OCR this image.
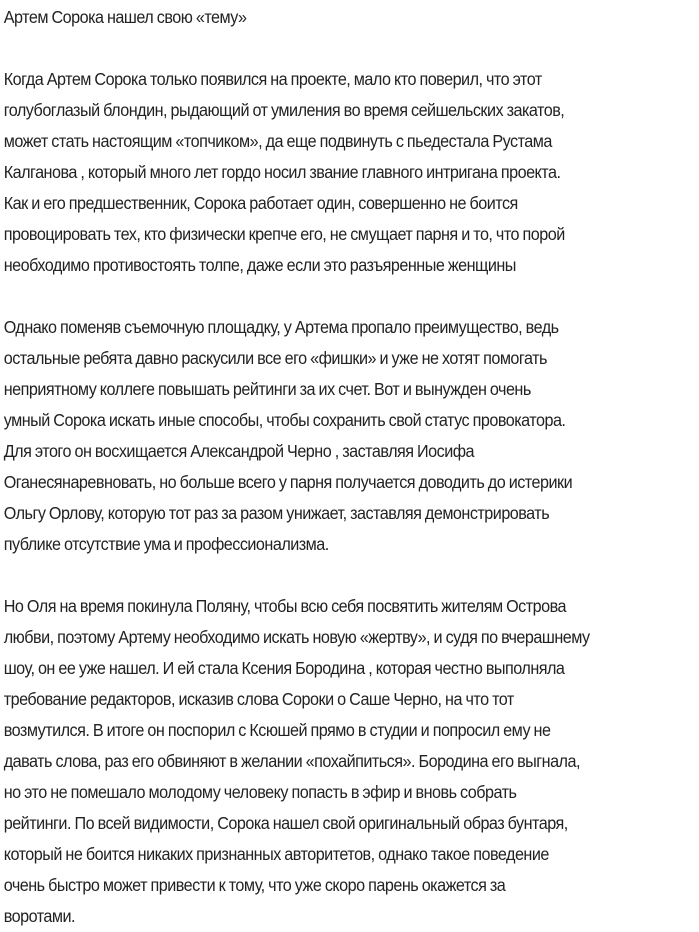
Артем Сорока нашел свою «тему»
Когда Артем Сорока только появился на проекте, мало кто поверил, что этот
голубоглазый блондин, рыдающий от умиления во время сейшельских закатов,
может стать настоящим «топчиком», да еще подвинуть с пьедестала Рустама
Калганова , который много лет гордо носил звание главного интригана проекта.
Как и его предшественник, Сорока работает один, совершенно не боится
провоцировать тех, кто физически крепче его, не смущает парня и то, что порой
необходимо противостоять толпе, даже если это разъяренные женщины
Однако поменяв съемочную площадку, у Артема пропало преимущество, ведь
остальные ребята давно раскусили все его «фишки» и уже не хотят помогать
неприятному коллеге повышать рейтинги за их счет. Вот и вынужден очень
умный Сорока искать иные способы, чтобы сохранить свой статус провокатора.
Для этого он восхищается Александрой Черно , заставляя Иосифа
Оганесянаревновать, но больше всего у парня получается доводить до истерики
Ольгу Орлову, которую тот раз за разом унижает, заставляя демонстрировать
публике отсутствие ума и профессионализма.
Но Оля на время покинула Поляну, чтобы всю себя посвятить жителям Острова
любви, поэтому Артему необходимо искать новую «жертву», и судя по вчерашнему
шоу, он ее уже нашел. И ей стала Ксения Бородина , которая честно выполняла
требование редакторов, исказив слова Сороки о Саше Черно, на что тот
возмутился. В итоге он поспорил с Ксюшей прямо в студии и попросил ему не
давать слова, раз его обвиняют в желании «похайпиться». Бородина его выгнала,
но это не помешало молодому человеку попасть в эфир и вновь собрать
рейтинги. По всей видимости, Сорока нашел свой оригинальный образ бунтаря,
который не боится никаких признанных авторитетов, однако такое поведение
очень быстро может привести к тому, что уже скоро парень окажется за
воротами.
